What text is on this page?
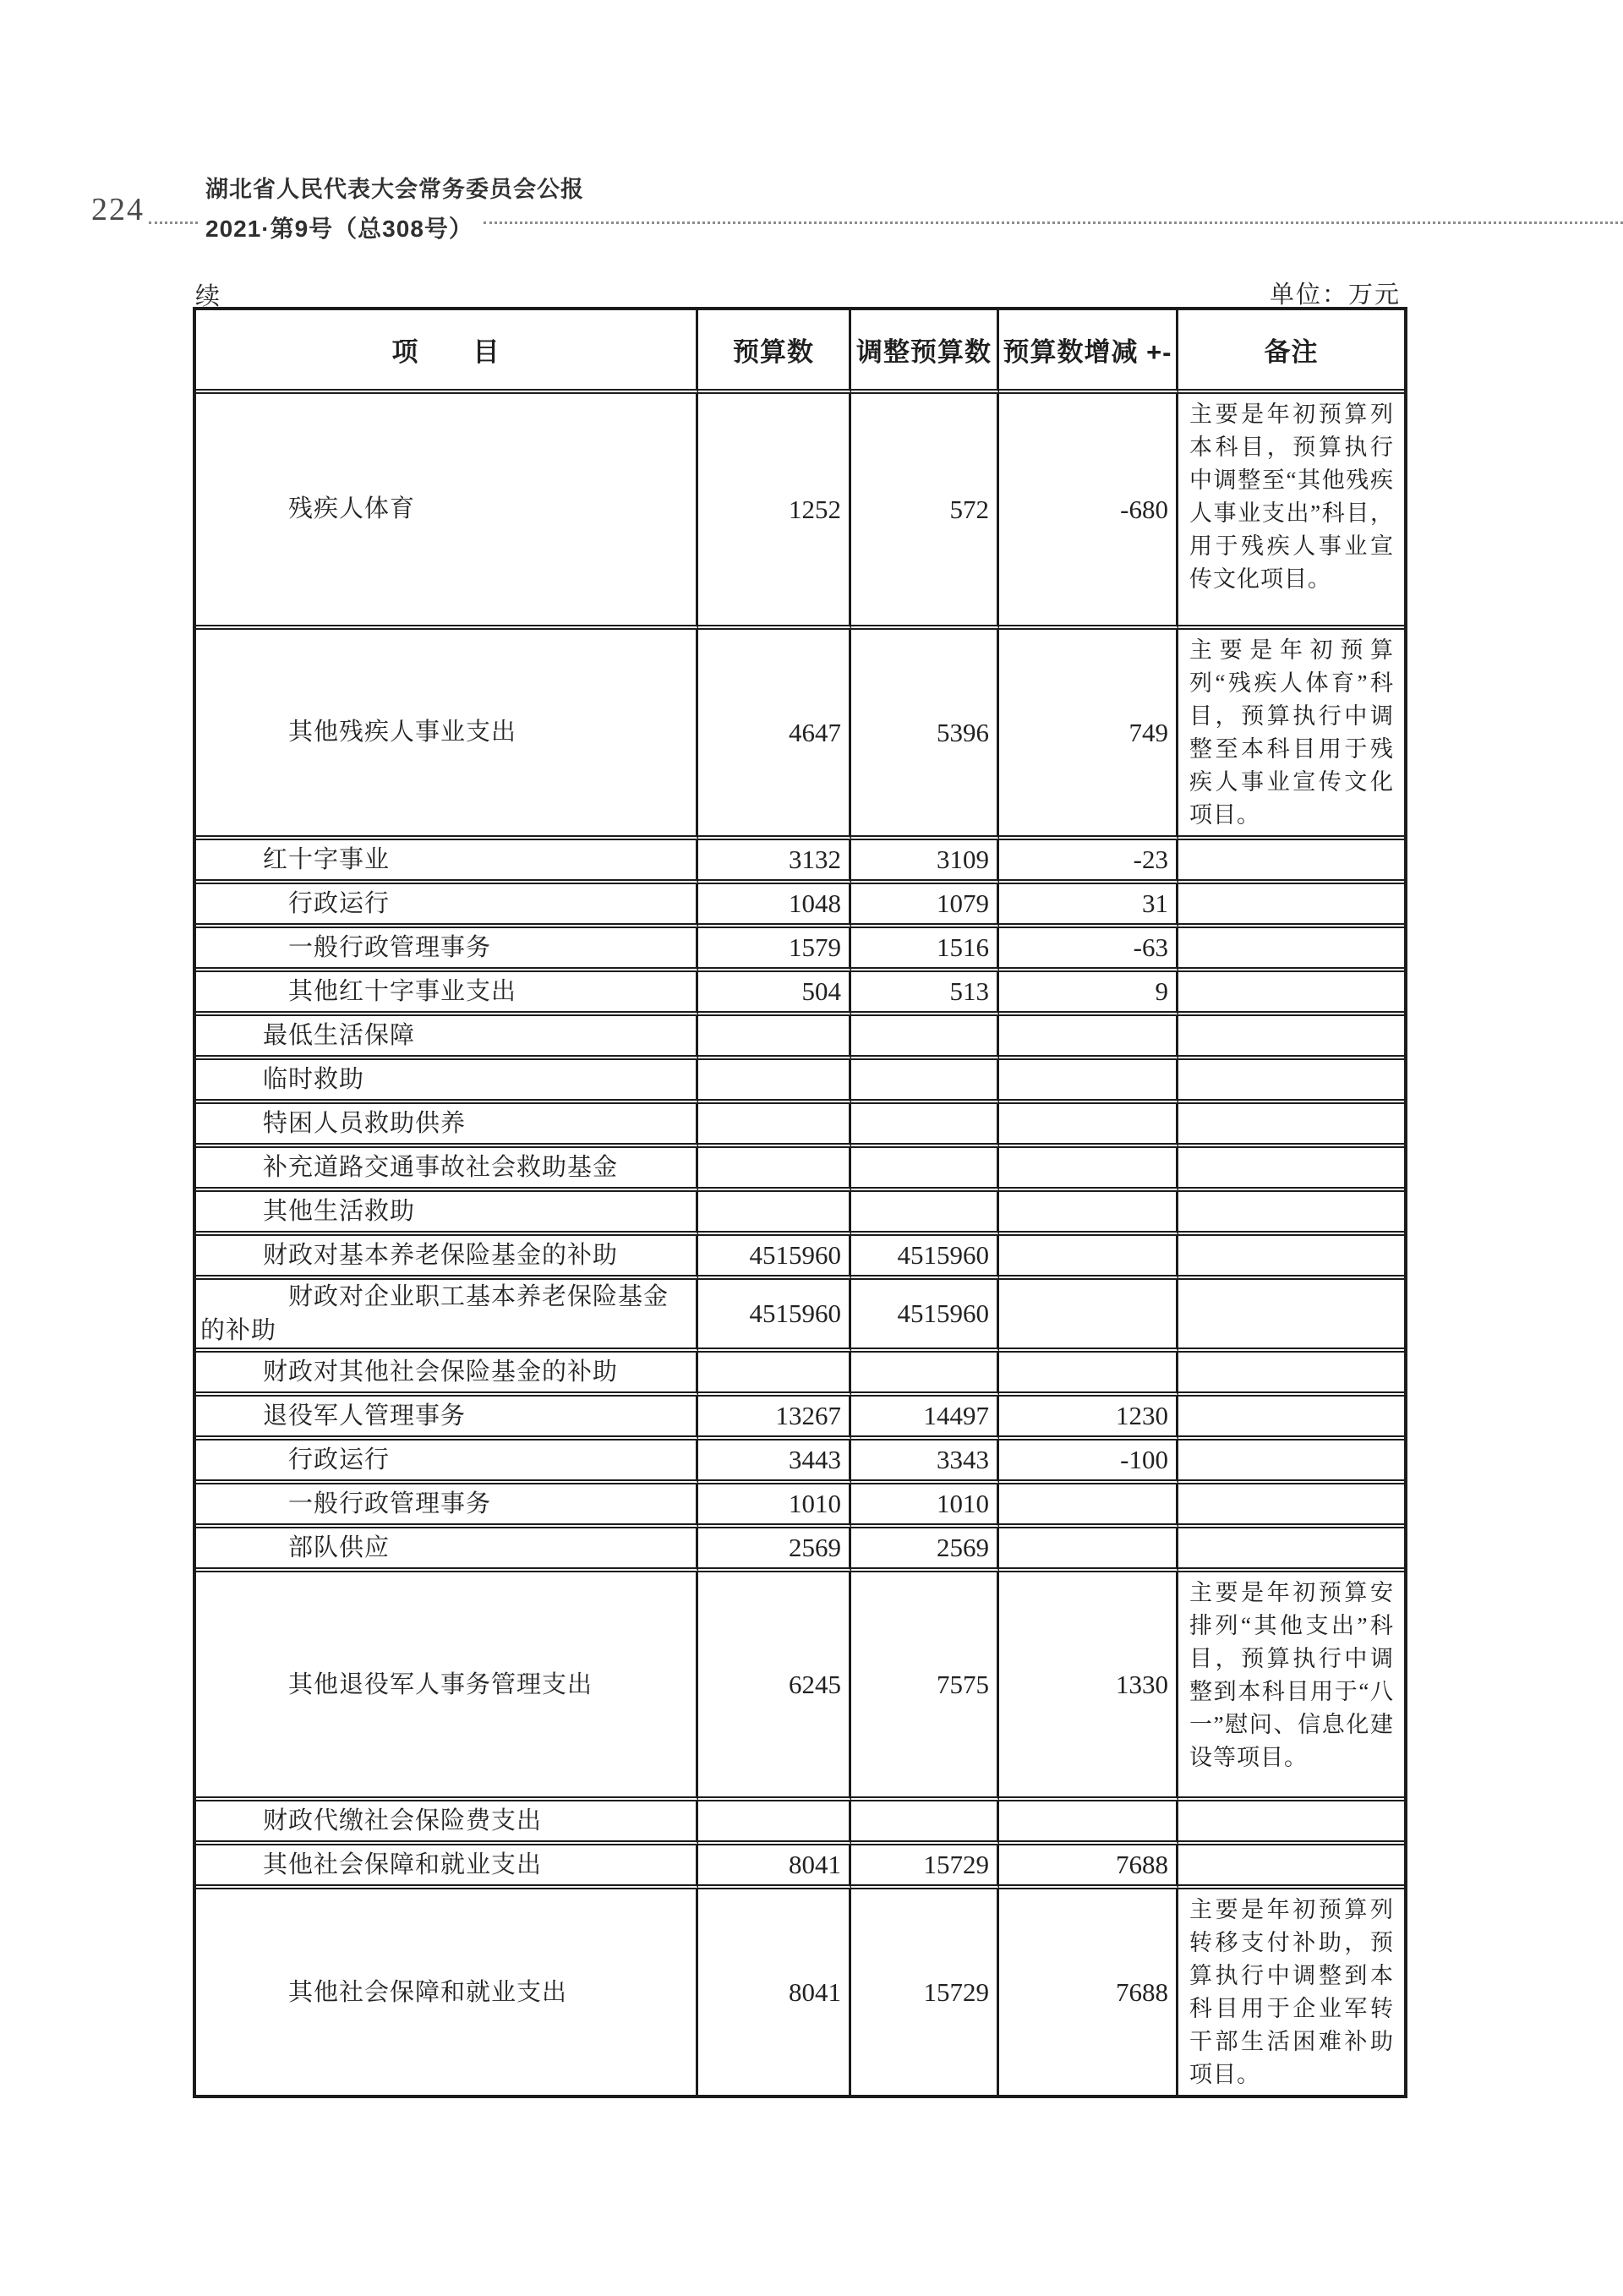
224
湖北省人民代表大会常务委员会公报
2021·第9号（总308号）
续	单位：万元
项　　目	预算数	调整预算数	预算数增减 +-	备注
残疾人体育	1252	572	-680	主要是年初预算列本科目，预算执行中调整至“其他残疾人事业支出”科目，用于残疾人事业宣传文化项目。
其他残疾人事业支出	4647	5396	749	主要是年初预算列“残疾人体育”科目，预算执行中调整至本科目用于残疾人事业宣传文化项目。
红十字事业	3132	3109	-23	
行政运行	1048	1079	31	
一般行政管理事务	1579	1516	-63	
其他红十字事业支出	504	513	9	
最低生活保障				
临时救助				
特困人员救助供养				
补充道路交通事故社会救助基金				
其他生活救助				
财政对基本养老保险基金的补助	4515960	4515960		
财政对企业职工基本养老保险基金的补助	4515960	4515960		
财政对其他社会保险基金的补助				
退役军人管理事务	13267	14497	1230	
行政运行	3443	3343	-100	
一般行政管理事务	1010	1010		
部队供应	2569	2569		
其他退役军人事务管理支出	6245	7575	1330	主要是年初预算安排列“其他支出”科目，预算执行中调整到本科目用于“八一”慰问、信息化建设等项目。
财政代缴社会保险费支出				
其他社会保障和就业支出	8041	15729	7688	
其他社会保障和就业支出	8041	15729	7688	主要是年初预算列转移支付补助，预算执行中调整到本科目用于企业军转干部生活困难补助项目。
